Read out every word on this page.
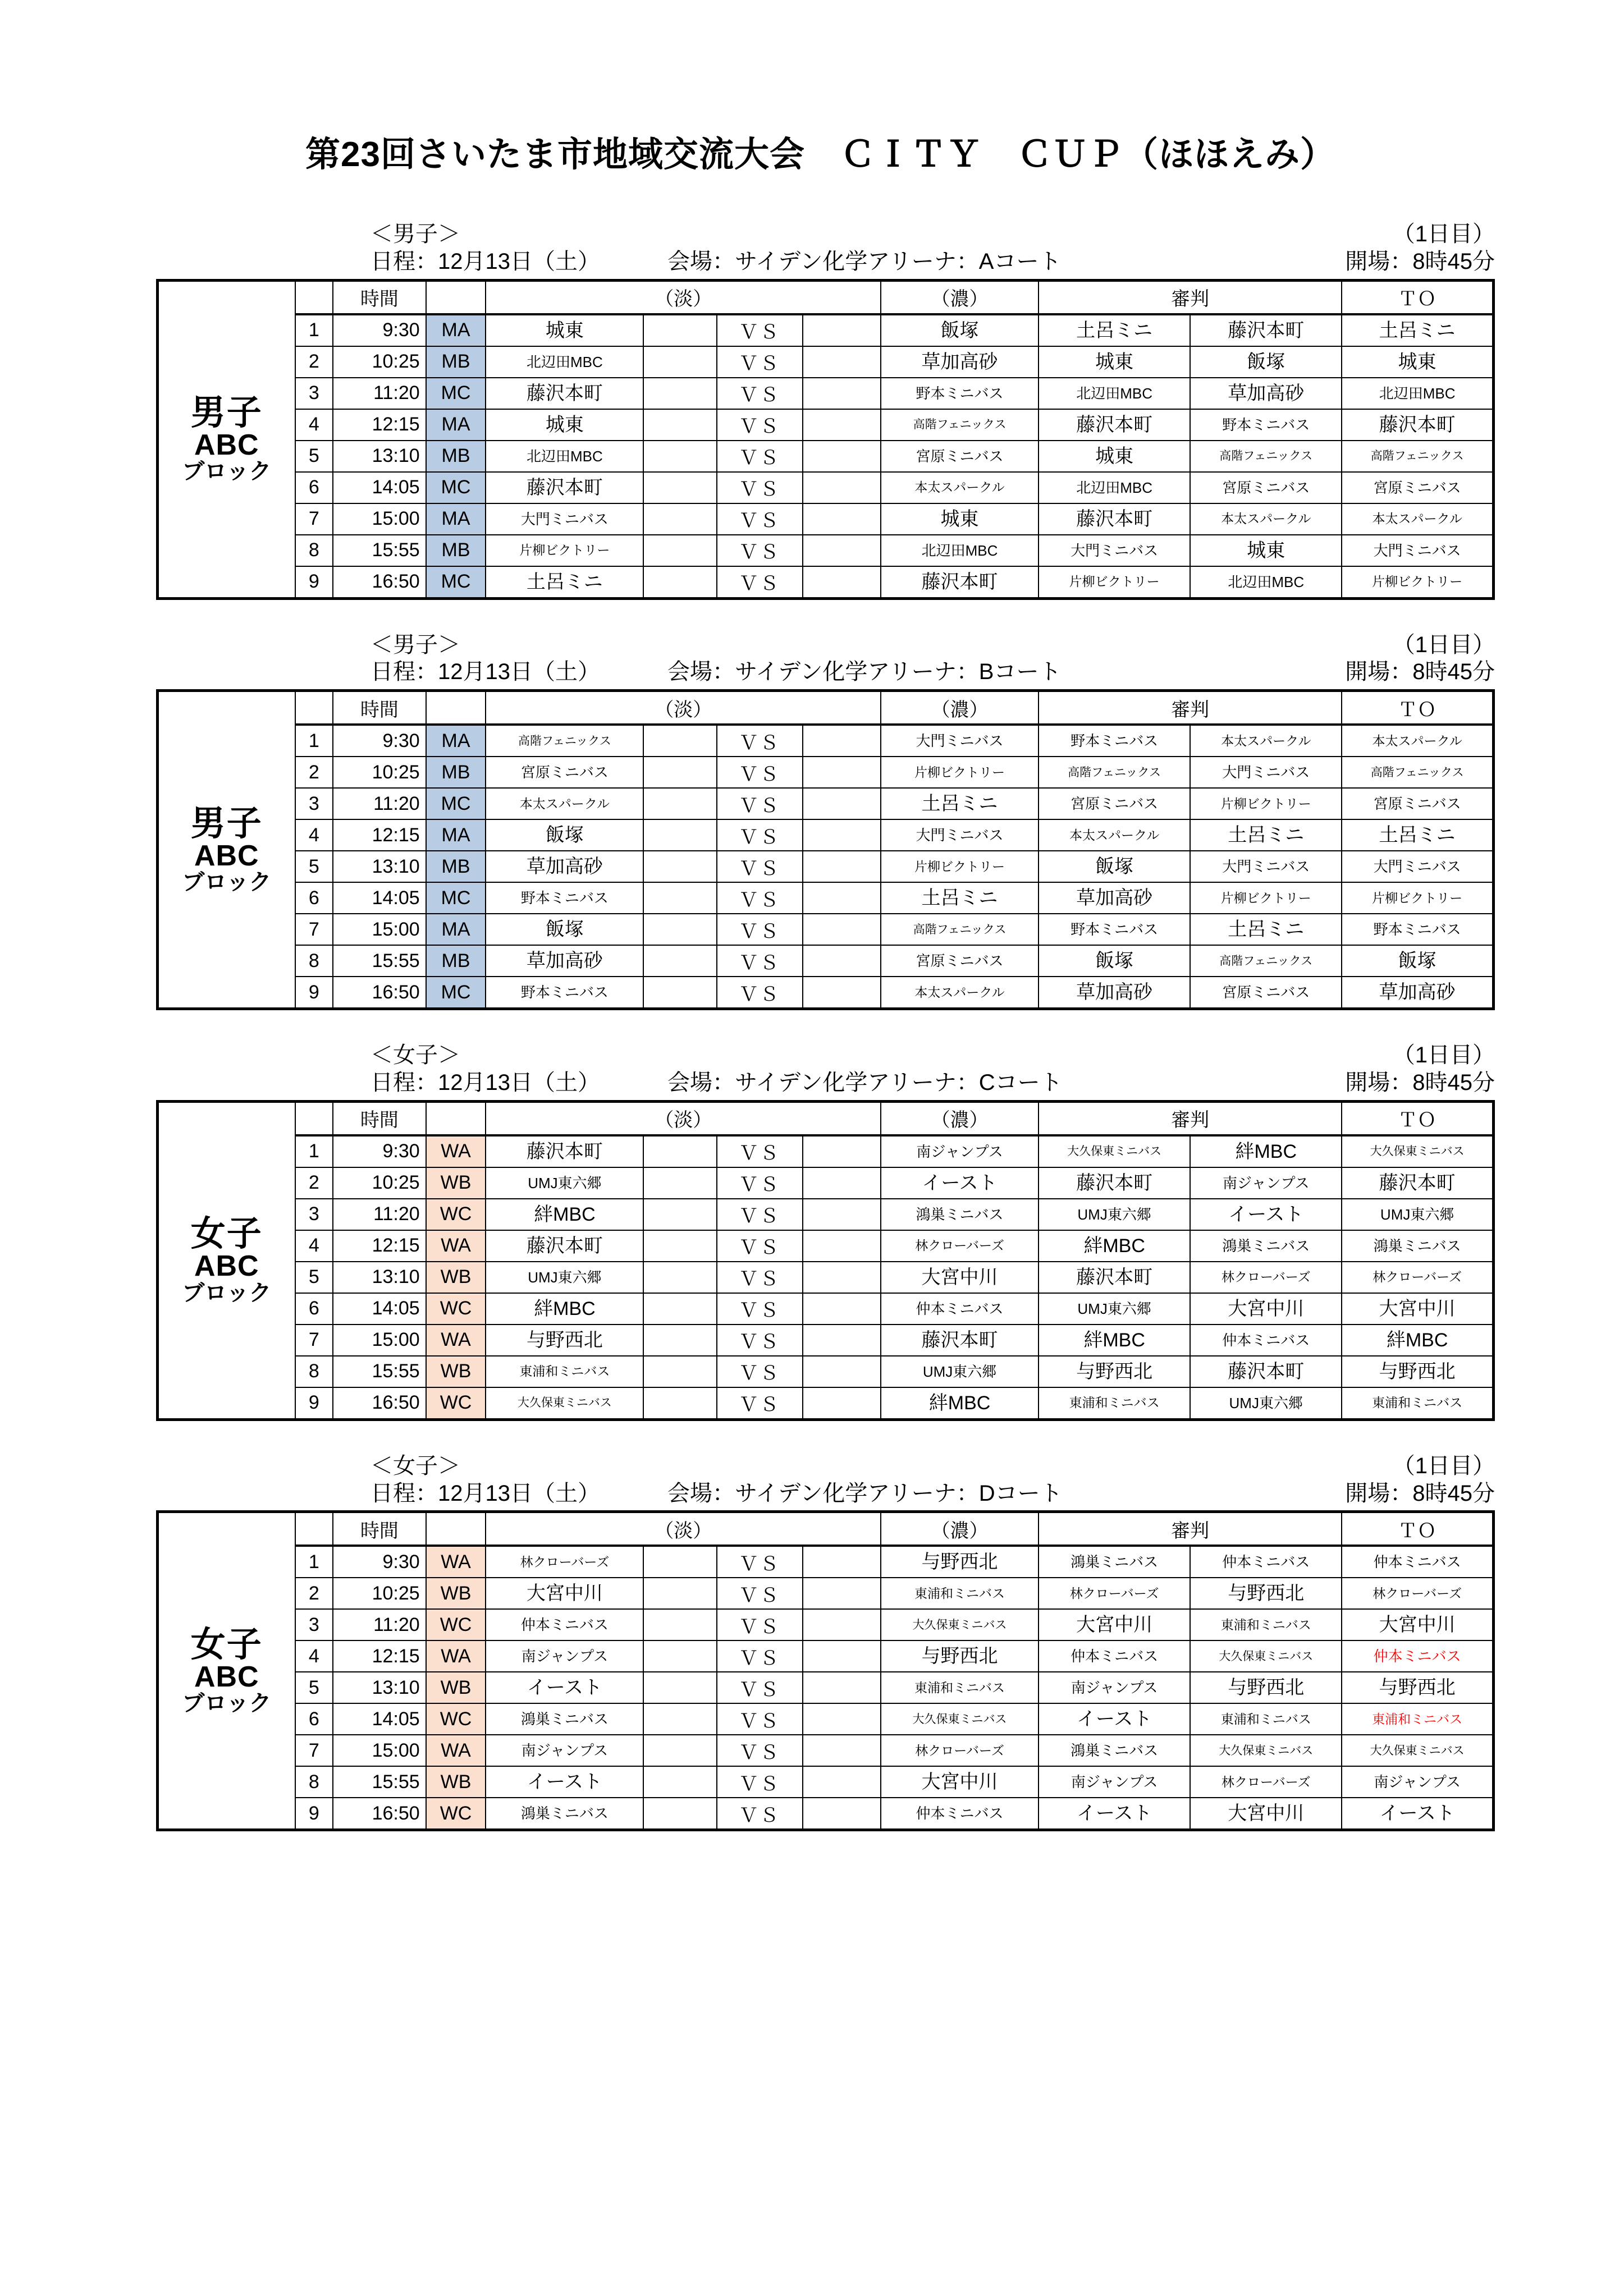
第23回さいたま市地域交流大会　ＣＩＴＹ　ＣＵＰ（ほほえみ）
＜男子＞	（1日目）
日程：12月13日（土）	会場：サイデン化学アリーナ：Aコート	開場：8時45分
男子
ABC
ブロック		時間		（淡）				（濃）	審判		ＴＯ

	1	9:30	MA	城東		ＶＳ		飯塚	土呂ミニ	藤沢本町	土呂ミニ

	2	10:25	MB	北辺田MBC		ＶＳ		草加高砂	城東	飯塚	城東

	3	11:20	MC	藤沢本町		ＶＳ		野本ミニバス	北辺田MBC	草加高砂	北辺田MBC

	4	12:15	MA	城東		ＶＳ		高階フェニックス	藤沢本町	野本ミニバス	藤沢本町

	5	13:10	MB	北辺田MBC		ＶＳ		宮原ミニバス	城東	高階フェニックス	高階フェニックス

	6	14:05	MC	藤沢本町		ＶＳ		本太スパークル	北辺田MBC	宮原ミニバス	宮原ミニバス

	7	15:00	MA	大門ミニバス		ＶＳ		城東	藤沢本町	本太スパークル	本太スパークル

	8	15:55	MB	片柳ビクトリー		ＶＳ		北辺田MBC	大門ミニバス	城東	大門ミニバス

	9	16:50	MC	土呂ミニ		ＶＳ		藤沢本町	片柳ビクトリー	北辺田MBC	片柳ビクトリー
＜男子＞	（1日目）
日程：12月13日（土）	会場：サイデン化学アリーナ：Bコート	開場：8時45分
男子
ABC
ブロック		時間		（淡）				（濃）	審判		ＴＯ

	1	9:30	MA	高階フェニックス		ＶＳ		大門ミニバス	野本ミニバス	本太スパークル	本太スパークル

	2	10:25	MB	宮原ミニバス		ＶＳ		片柳ビクトリー	高階フェニックス	大門ミニバス	高階フェニックス

	3	11:20	MC	本太スパークル		ＶＳ		土呂ミニ	宮原ミニバス	片柳ビクトリー	宮原ミニバス

	4	12:15	MA	飯塚		ＶＳ		大門ミニバス	本太スパークル	土呂ミニ	土呂ミニ

	5	13:10	MB	草加高砂		ＶＳ		片柳ビクトリー	飯塚	大門ミニバス	大門ミニバス

	6	14:05	MC	野本ミニバス		ＶＳ		土呂ミニ	草加高砂	片柳ビクトリー	片柳ビクトリー

	7	15:00	MA	飯塚		ＶＳ		高階フェニックス	野本ミニバス	土呂ミニ	野本ミニバス

	8	15:55	MB	草加高砂		ＶＳ		宮原ミニバス	飯塚	高階フェニックス	飯塚

	9	16:50	MC	野本ミニバス		ＶＳ		本太スパークル	草加高砂	宮原ミニバス	草加高砂
＜女子＞	（1日目）
日程：12月13日（土）	会場：サイデン化学アリーナ：Cコート	開場：8時45分
女子
ABC
ブロック		時間		（淡）				（濃）	審判		ＴＯ

	1	9:30	WA	藤沢本町		ＶＳ		南ジャンプス	大久保東ミニバス	絆MBC	大久保東ミニバス

	2	10:25	WB	UMJ東六郷		ＶＳ		イースト	藤沢本町	南ジャンプス	藤沢本町

	3	11:20	WC	絆MBC		ＶＳ		鴻巣ミニバス	UMJ東六郷	イースト	UMJ東六郷

	4	12:15	WA	藤沢本町		ＶＳ		林クローバーズ	絆MBC	鴻巣ミニバス	鴻巣ミニバス

	5	13:10	WB	UMJ東六郷		ＶＳ		大宮中川	藤沢本町	林クローバーズ	林クローバーズ

	6	14:05	WC	絆MBC		ＶＳ		仲本ミニバス	UMJ東六郷	大宮中川	大宮中川

	7	15:00	WA	与野西北		ＶＳ		藤沢本町	絆MBC	仲本ミニバス	絆MBC

	8	15:55	WB	東浦和ミニバス		ＶＳ		UMJ東六郷	与野西北	藤沢本町	与野西北

	9	16:50	WC	大久保東ミニバス		ＶＳ		絆MBC	東浦和ミニバス	UMJ東六郷	東浦和ミニバス
＜女子＞	（1日目）
日程：12月13日（土）	会場：サイデン化学アリーナ：Dコート	開場：8時45分
女子
ABC
ブロック		時間		（淡）				（濃）	審判		ＴＯ

	1	9:30	WA	林クローバーズ		ＶＳ		与野西北	鴻巣ミニバス	仲本ミニバス	仲本ミニバス

	2	10:25	WB	大宮中川		ＶＳ		東浦和ミニバス	林クローバーズ	与野西北	林クローバーズ

	3	11:20	WC	仲本ミニバス		ＶＳ		大久保東ミニバス	大宮中川	東浦和ミニバス	大宮中川

	4	12:15	WA	南ジャンプス		ＶＳ		与野西北	仲本ミニバス	大久保東ミニバス	仲本ミニバス

	5	13:10	WB	イースト		ＶＳ		東浦和ミニバス	南ジャンプス	与野西北	与野西北

	6	14:05	WC	鴻巣ミニバス		ＶＳ		大久保東ミニバス	イースト	東浦和ミニバス	東浦和ミニバス

	7	15:00	WA	南ジャンプス		ＶＳ		林クローバーズ	鴻巣ミニバス	大久保東ミニバス	大久保東ミニバス

	8	15:55	WB	イースト		ＶＳ		大宮中川	南ジャンプス	林クローバーズ	南ジャンプス

	9	16:50	WC	鴻巣ミニバス		ＶＳ		仲本ミニバス	イースト	大宮中川	イースト
